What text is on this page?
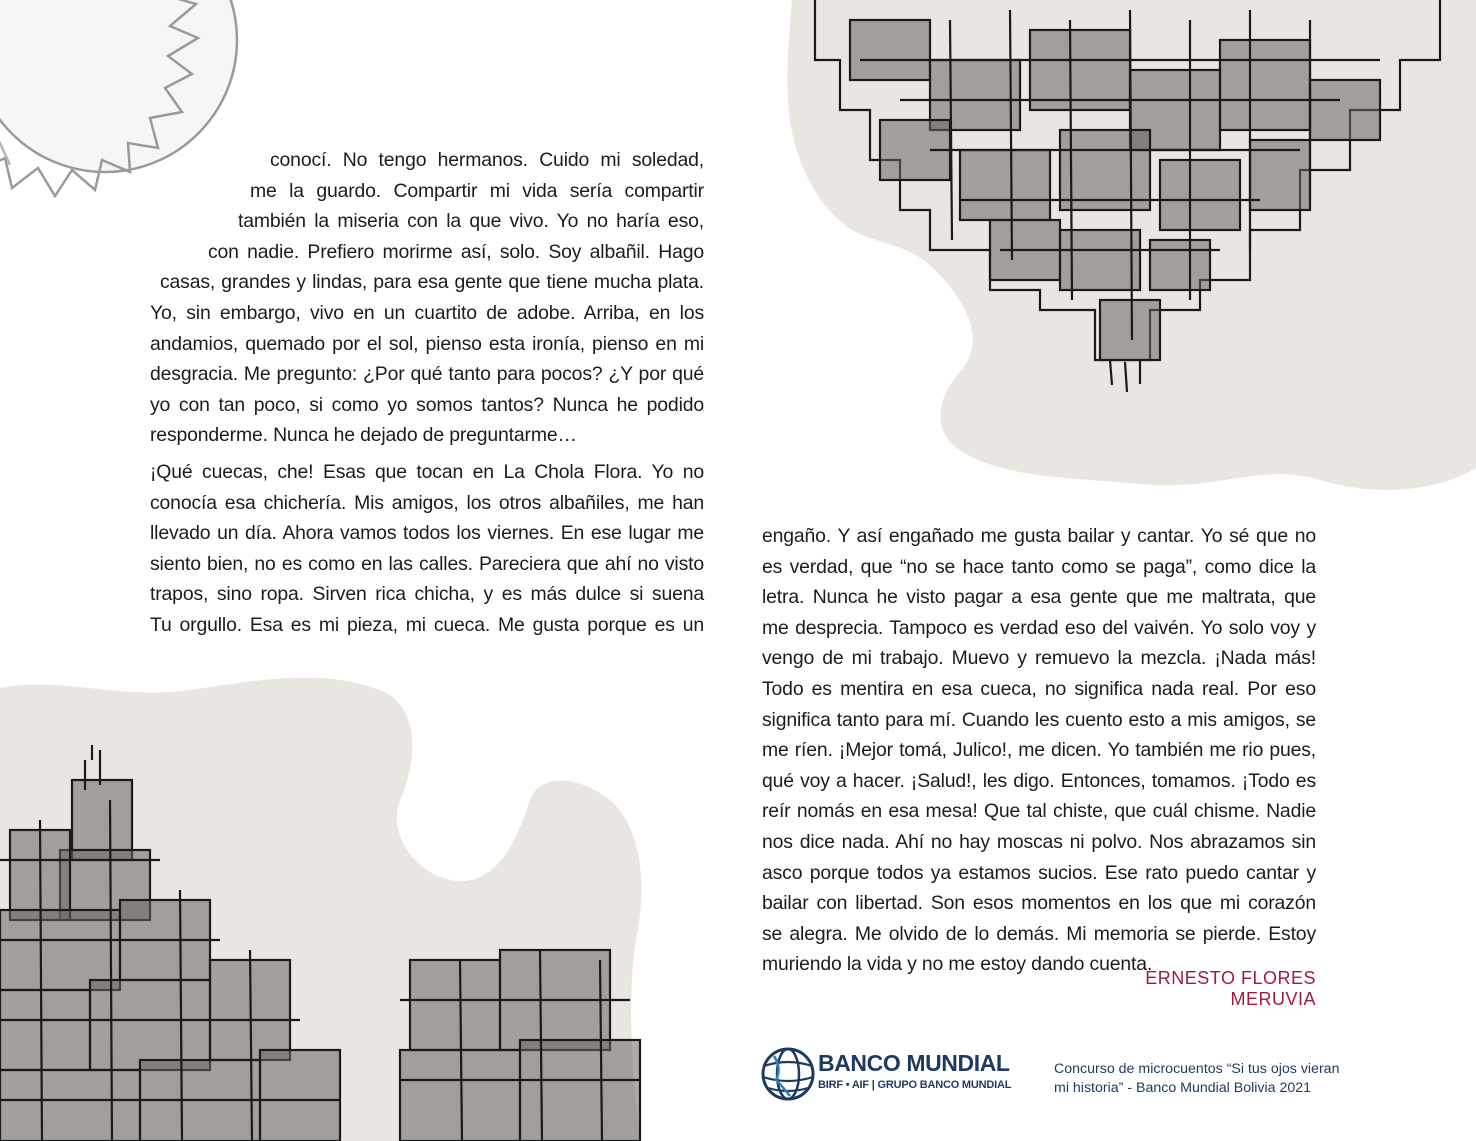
conocí. No tengo hermanos. Cuido mi soledad,
me la guardo. Compartir mi vida sería compartir
también la miseria con la que vivo. Yo no haría eso,
con nadie. Prefiero morirme así, solo. Soy albañil. Hago
casas, grandes y lindas, para esa gente que tiene mucha plata.
Yo, sin embargo, vivo en un cuartito de adobe. Arriba, en los
andamios, quemado por el sol, pienso esta ironía, pienso en mi
desgracia. Me pregunto: ¿Por qué tanto para pocos? ¿Y por qué
yo con tan poco, si como yo somos tantos? Nunca he podido
responderme. Nunca he dejado de preguntarme…
¡Qué cuecas, che! Esas que tocan en La Chola Flora. Yo no
conocía esa chichería. Mis amigos, los otros albañiles, me han
llevado un día. Ahora vamos todos los viernes. En ese lugar me
siento bien, no es como en las calles. Pareciera que ahí no visto
trapos, sino ropa. Sirven rica chicha, y es más dulce si suena
Tu orgullo. Esa es mi pieza, mi cueca. Me gusta porque es un
engaño. Y así engañado me gusta bailar y cantar. Yo sé que no
es verdad, que “no se hace tanto como se paga”, como dice la
letra. Nunca he visto pagar a esa gente que me maltrata, que
me desprecia. Tampoco es verdad eso del vaivén. Yo solo voy y
vengo de mi trabajo. Muevo y remuevo la mezcla. ¡Nada más!
Todo es mentira en esa cueca, no significa nada real. Por eso
significa tanto para mí. Cuando les cuento esto a mis amigos, se
me ríen. ¡Mejor tomá, Julico!, me dicen. Yo también me rio pues,
qué voy a hacer. ¡Salud!, les digo. Entonces, tomamos. ¡Todo es
reír nomás en esa mesa! Que tal chiste, que cuál chisme. Nadie
nos dice nada. Ahí no hay moscas ni polvo. Nos abrazamos sin
asco porque todos ya estamos sucios. Ese rato puedo cantar y
bailar con libertad. Son esos momentos en los que mi corazón
se alegra. Me olvido de lo demás. Mi memoria se pierde. Estoy
muriendo la vida y no me estoy dando cuenta.
ERNESTO FLORES MERUVIA
BANCO MUNDIAL
BIRF • AIF | GRUPO BANCO MUNDIAL
Concurso de microcuentos “Si tus ojos vieran
mi historia” - Banco Mundial Bolivia 2021
